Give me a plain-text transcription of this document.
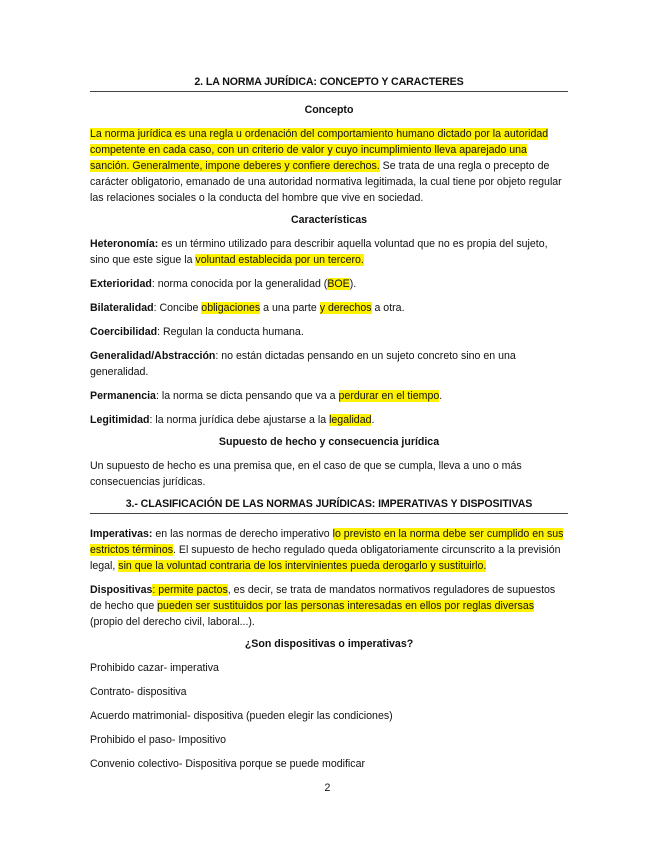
2. LA NORMA JURÍDICA: CONCEPTO Y CARACTERES
Concepto

La norma jurídica es una regla u ordenación del comportamiento humano dictado por la autoridad competente en cada caso, con un criterio de valor y cuyo incumplimiento lleva aparejado una sanción. Generalmente, impone deberes y confiere derechos. Se trata de una regla o precepto de carácter obligatorio, emanado de una autoridad normativa legitimada, la cual tiene por objeto regular las relaciones sociales o la conducta del hombre que vive en sociedad.

Características

Heteronomía: es un término utilizado para describir aquella voluntad que no es propia del sujeto, sino que este sigue la voluntad establecida por un tercero.

Exterioridad: norma conocida por la generalidad (BOE).

Bilateralidad: Concibe obligaciones a una parte y derechos a otra.

Coercibilidad: Regulan la conducta humana.

Generalidad/Abstracción: no están dictadas pensando en un sujeto concreto sino en una generalidad.

Permanencia: la norma se dicta pensando que va a perdurar en el tiempo.

Legitimidad: la norma jurídica debe ajustarse a la legalidad.

Supuesto de hecho y consecuencia jurídica

Un supuesto de hecho es una premisa que, en el caso de que se cumpla, lleva a uno o más consecuencias jurídicas.

3.- CLASIFICACIÓN DE LAS NORMAS JURÍDICAS: IMPERATIVAS Y DISPOSITIVAS

Imperativas: en las normas de derecho imperativo lo previsto en la norma debe ser cumplido en sus estrictos términos. El supuesto de hecho regulado queda obligatoriamente circunscrito a la previsión legal, sin que la voluntad contraria de los intervinientes pueda derogarlo y sustituirlo.

Dispositivas: permite pactos, es decir, se trata de mandatos normativos reguladores de supuestos de hecho que pueden ser sustituidos por las personas interesadas en ellos por reglas diversas (propio del derecho civil, laboral...).

¿Son dispositivas o imperativas?

Prohibido cazar- imperativa

Contrato- dispositiva

Acuerdo matrimonial- dispositiva (pueden elegir las condiciones)

Prohibido el paso- Impositivo

Convenio colectivo- Dispositiva porque se puede modificar

2
